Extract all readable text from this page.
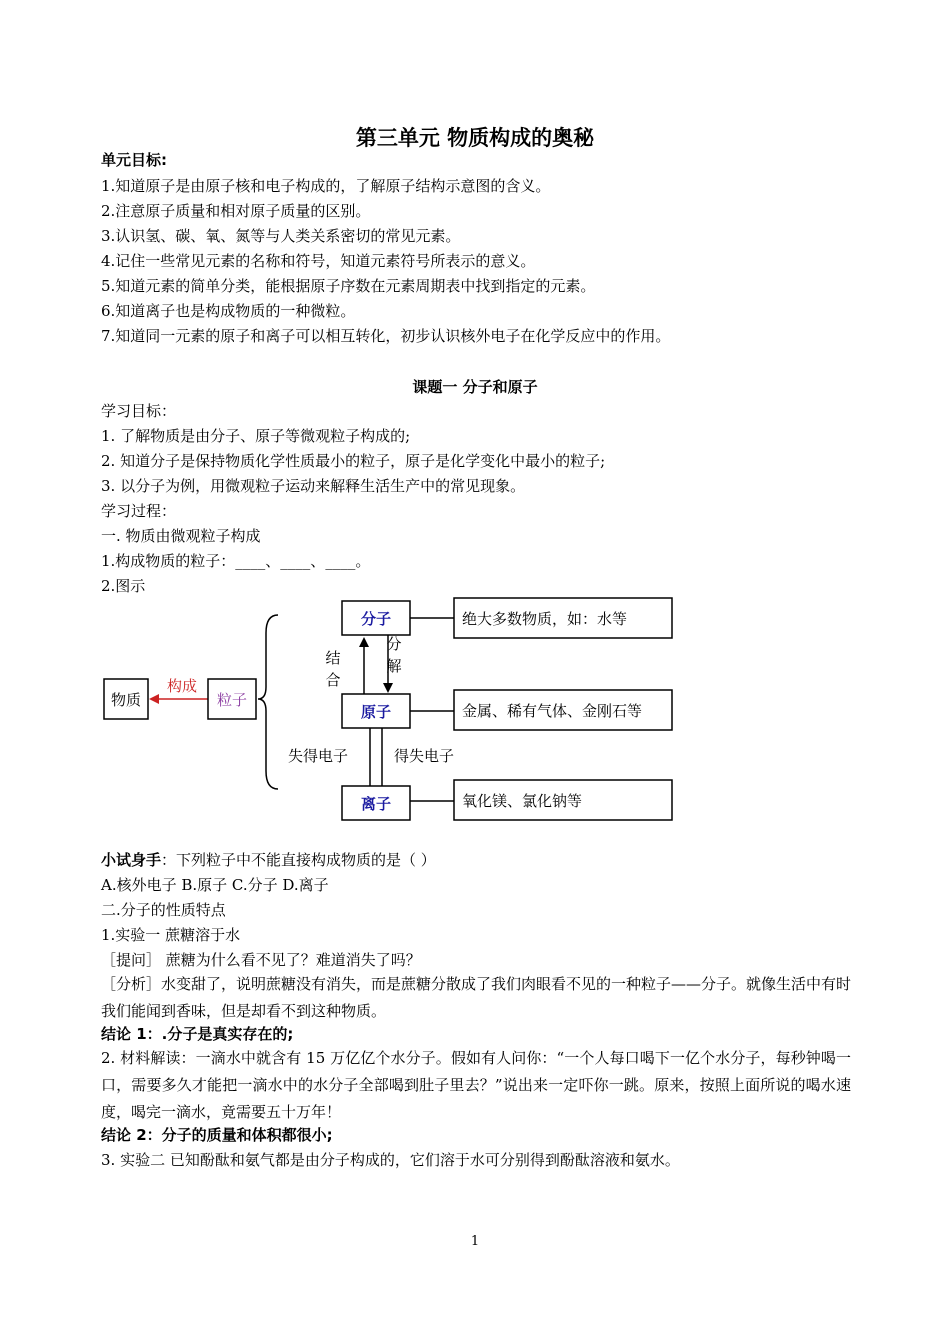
第三单元 物质构成的奥秘
单元目标:
1.知道原子是由原子核和电子构成的，了解原子结构示意图的含义。
2.注意原子质量和相对原子质量的区别。
3.认识氢、碳、氧、氮等与人类关系密切的常见元素。
4.记住一些常见元素的名称和符号，知道元素符号所表示的意义。
5.知道元素的简单分类，能根据原子序数在元素周期表中找到指定的元素。
6.知道离子也是构成物质的一种微粒。
7.知道同一元素的原子和离子可以相互转化，初步认识核外电子在化学反应中的作用。
课题一 分子和原子
学习目标：
1. 了解物质是由分子、原子等微观粒子构成的;
2. 知道分子是保持物质化学性质最小的粒子，原子是化学变化中最小的粒子;
3. 以分子为例，用微观粒子运动来解释生活生产中的常见现象。
学习过程：
一. 物质由微观粒子构成
1.构成物质的粒子：____、____、____。
2.图示
物质
构成
粒子
分子
原子
离子
结
合
分
解
失得电子	得失电子
绝大多数物质，如：水等
金属、稀有气体、金刚石等
氧化镁、氯化钠等
小试身手：下列粒子中不能直接构成物质的是（ ）
A.核外电子 B.原子 C.分子 D.离子
二.分子的性质特点
1.实验一 蔗糖溶于水
［提问］ 蔗糖为什么看不见了？难道消失了吗？
［分析］水变甜了，说明蔗糖没有消失，而是蔗糖分散成了我们肉眼看不见的一种粒子——分子。就像生活中有时我们能闻到香味，但是却看不到这种物质。
结论 1：.分子是真实存在的;
2. 材料解读：一滴水中就含有 15 万亿亿个水分子。假如有人问你：“一个人每口喝下一亿个水分子，每秒钟喝一口，需要多久才能把一滴水中的水分子全部喝到肚子里去？”说出来一定吓你一跳。原来，按照上面所说的喝水速度，喝完一滴水，竟需要五十万年！
结论 2：分子的质量和体积都很小;
3. 实验二 已知酚酞和氨气都是由分子构成的，它们溶于水可分别得到酚酞溶液和氨水。
1
